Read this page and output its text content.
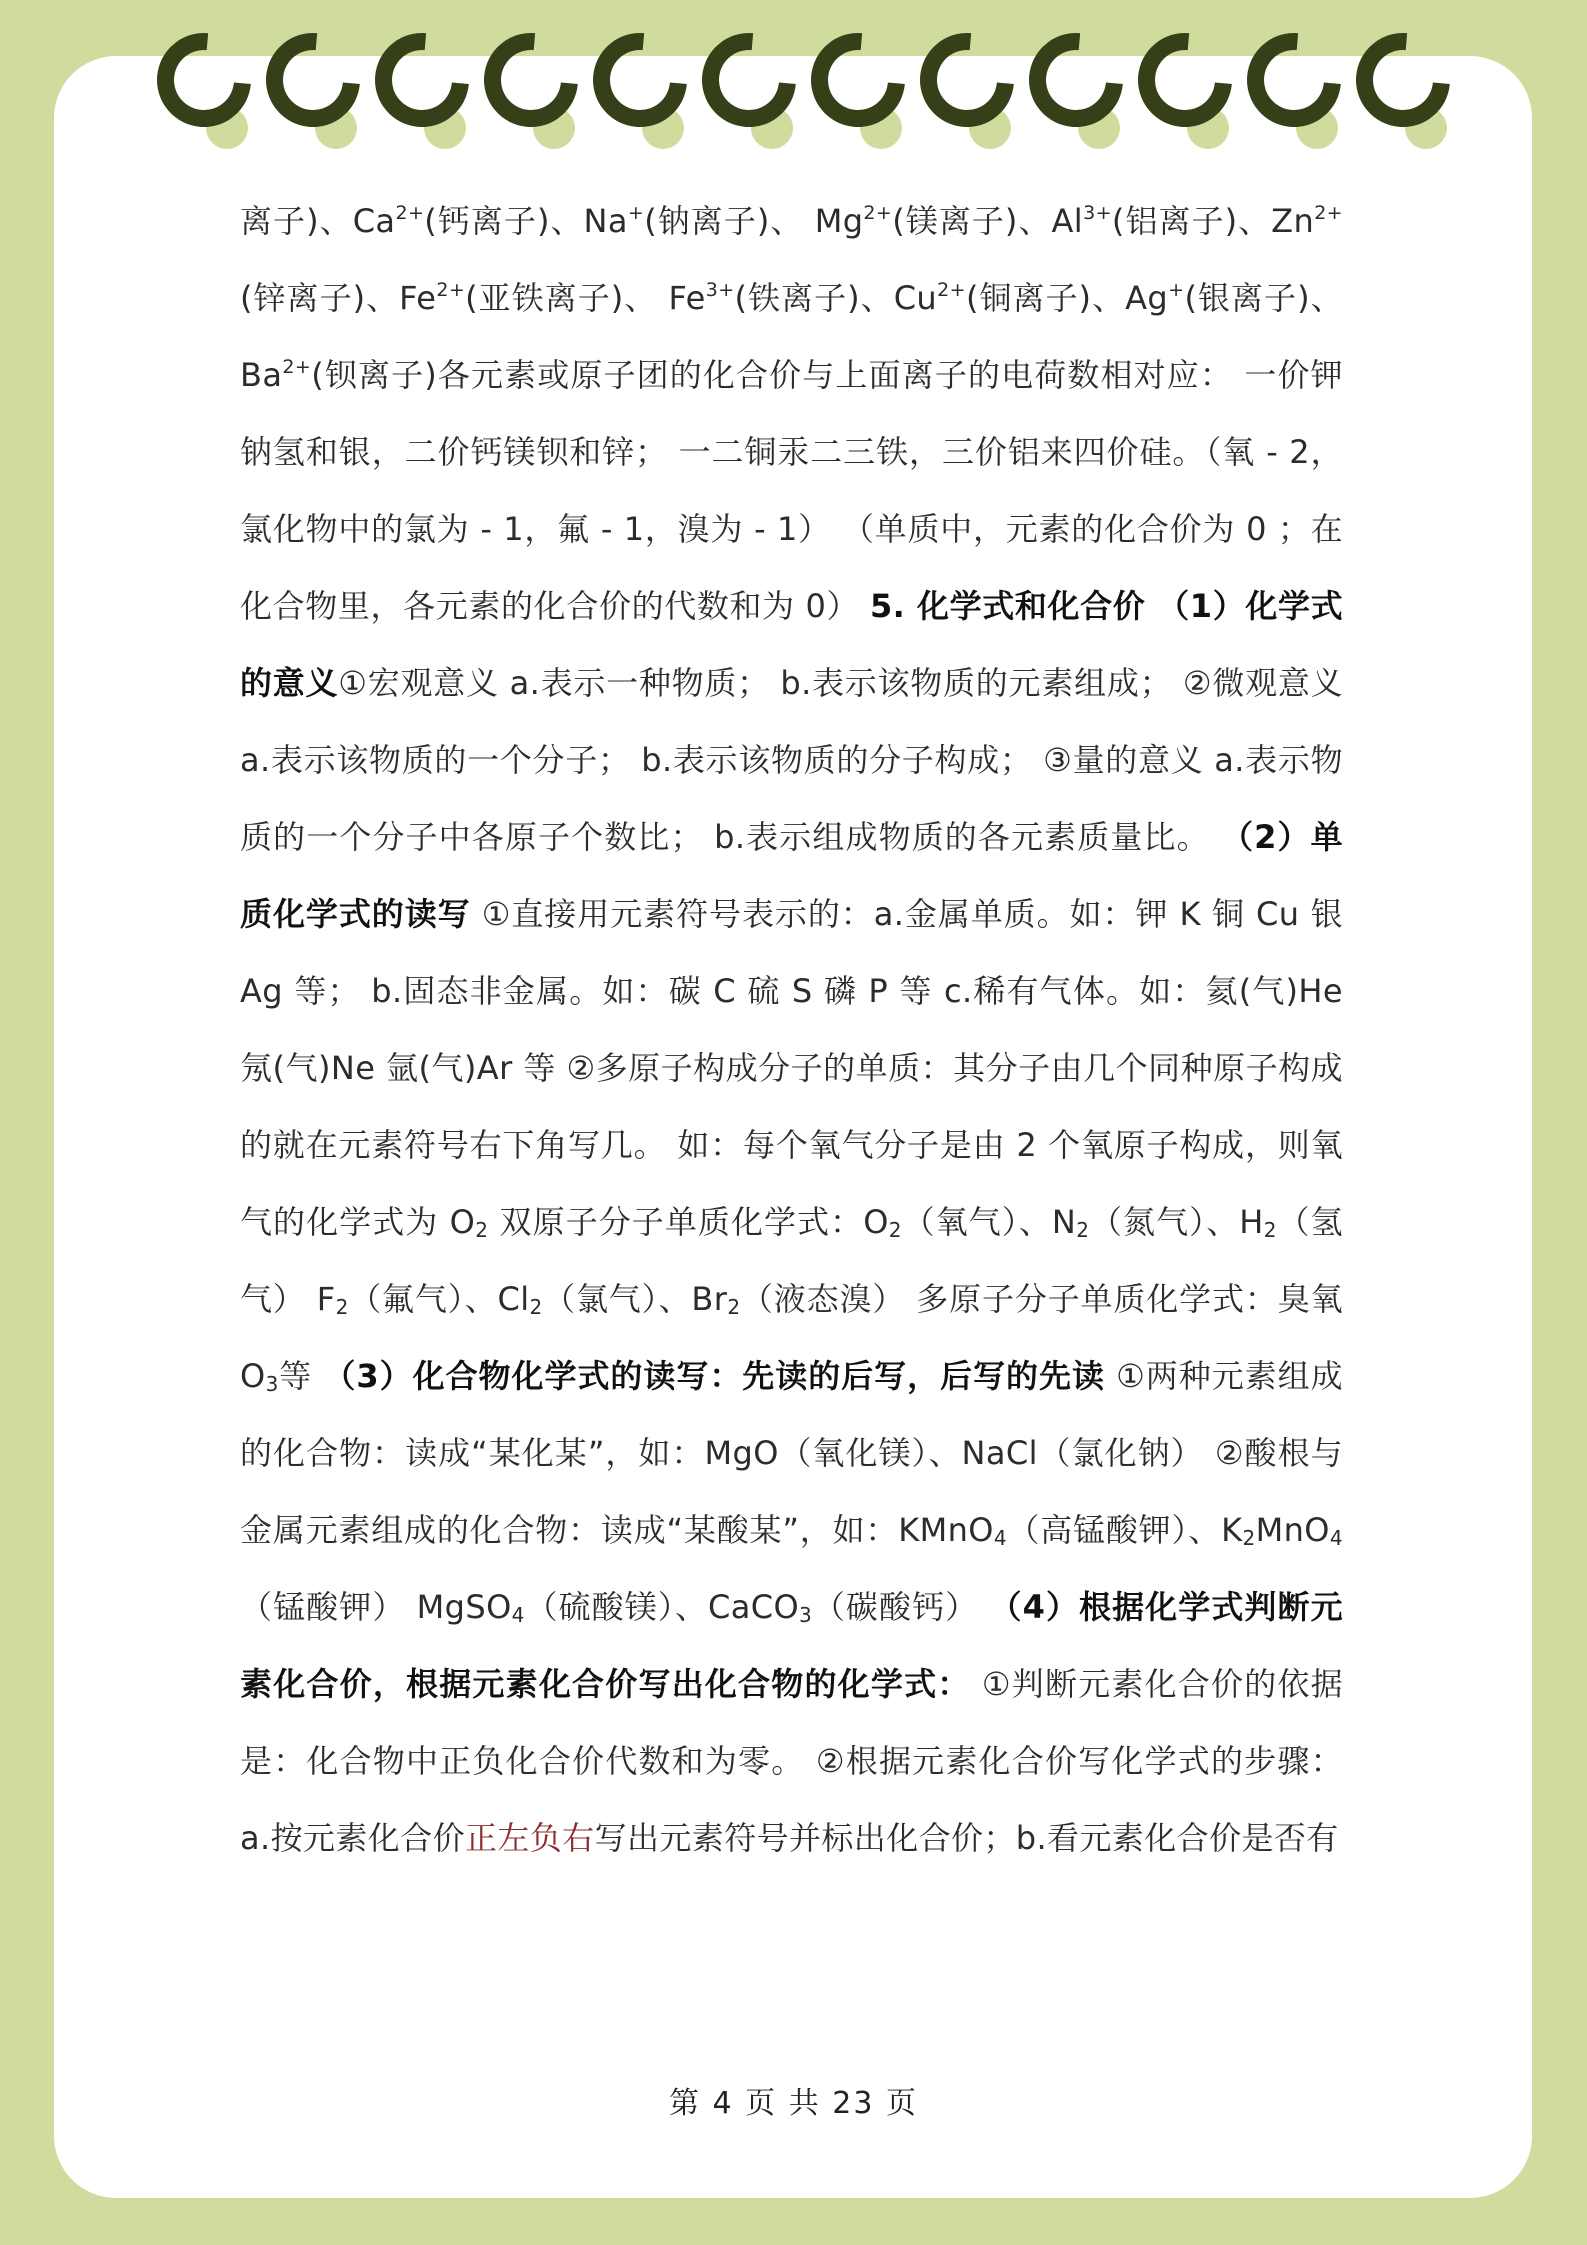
离子)、$Ca^{2+}$(钙离子)、Na+(钠离子)、 $Mg^{2+}$(镁离子)、$Al^{3+}$(铝离子)、$Zn^{2+}$(锌离子)、$Fe^{2+}$(亚铁离子)、 $Fe^{3+}$(铁离子)、$Cu^{2+}$(铜离子)、Ag+(银离子)、$Ba^{2+}$(钡离子)各元素或原子团的化合价与上面离子的电荷数相对应： 一价钾钠氢和银，二价钙镁钡和锌； 一二铜汞二三铁，三价铝来四价硅。（氧 - 2，氯化物中的氯为 - 1，氟 - 1，溴为 - 1） （单质中，元素的化合价为 0 ；在化合物里，各元素的化合价的代数和为 0） 5. 化学式和化合价 （1）化学式的意义①宏观意义 a.表示一种物质； b.表示该物质的元素组成； ②微观意义 a.表示该物质的一个分子； b.表示该物质的分子构成； ③量的意义 a.表示物质的一个分子中各原子个数比； b.表示组成物质的各元素质量比。 （2）单质化学式的读写 ①直接用元素符号表示的：a.金属单质。如：钾 K 铜 Cu 银 Ag 等； b.固态非金属。如：碳 C 硫 S 磷 P 等 c.稀有气体。如：氦(气)He 氖(气)Ne 氩(气)Ar 等 ②多原子构成分子的单质：其分子由几个同种原子构成的就在元素符号右下角写几。 如：每个氧气分子是由 2 个氧原子构成，则氧气的化学式为 $O_2$ 双原子分子单质化学式：$O_2$（氧气）、$N_2$（氮气）、$H_2$（氢气） $F_2$（氟气）、$Cl_2$（氯气）、$Br_2$（液态溴） 多原子分子单质化学式：臭氧 $O_3$等 （3）化合物化学式的读写：先读的后写，后写的先读 ①两种元素组成的化合物：读成“某化某”，如：MgO（氧化镁）、NaCl（氯化钠） ②酸根与金属元素组成的化合物：读成“某酸某”，如：KMnO$_4$（高锰酸钾）、$K_2MnO_4$（锰酸钾） MgSO$_4$（硫酸镁）、CaCO$_3$（碳酸钙） （4）根据化学式判断元素化合价，根据元素化合价写出化合物的化学式： ①判断元素化合价的依据是：化合物中正负化合价代数和为零。 ②根据元素化合价写化学式的步骤： a.按元素化合价正左负右写出元素符号并标出化合价；b.看元素化合价是否有
第 4 页 共 23 页
